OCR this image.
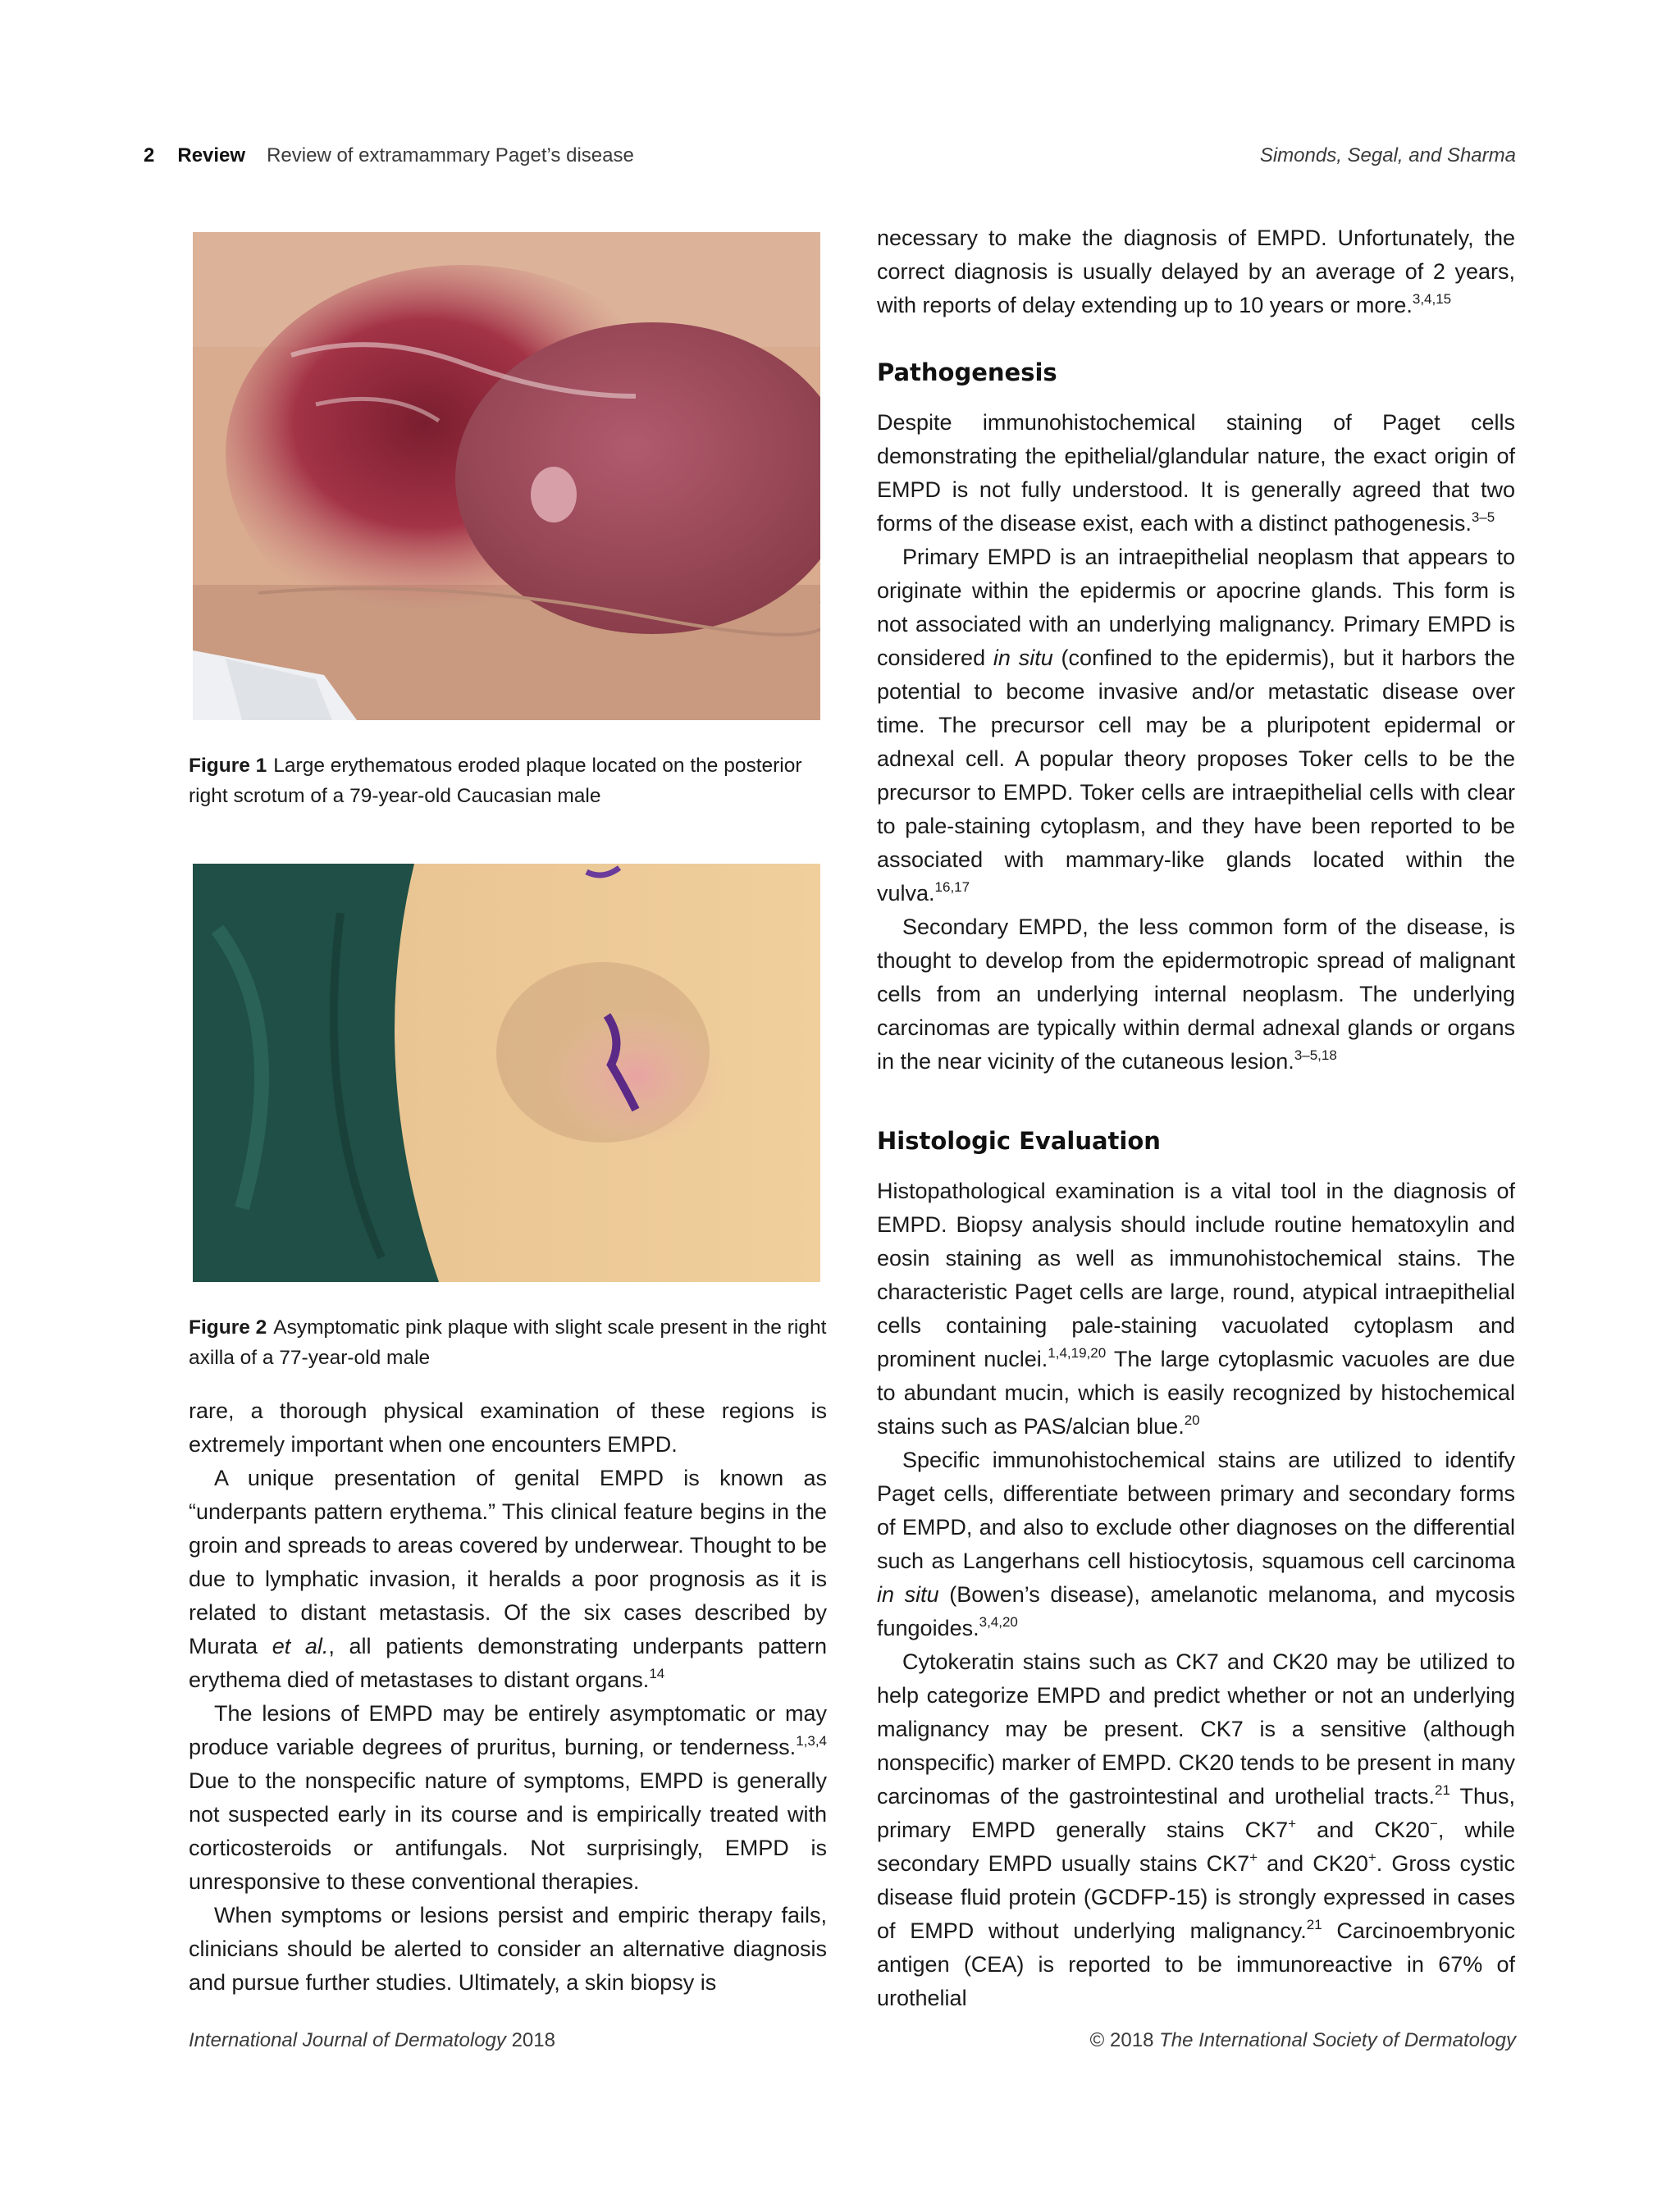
2 Review Review of extramammary Paget’s disease	Simonds, Segal, and Sharma
Figure 1 Large erythematous eroded plaque located on the posterior right scrotum of a 79-year-old Caucasian male
Figure 2 Asymptomatic pink plaque with slight scale present in the right axilla of a 77-year-old male

rare, a thorough physical examination of these regions is extremely important when one encounters EMPD.

A unique presentation of genital EMPD is known as “underpants pattern erythema.” This clinical feature begins in the groin and spreads to areas covered by underwear. Thought to be due to lymphatic invasion, it heralds a poor prognosis as it is related to distant metastasis. Of the six cases described by Murata et al., all patients demonstrating underpants pattern erythema died of metastases to distant organs.$^{14}$

The lesions of EMPD may be entirely asymptomatic or may produce variable degrees of pruritus, burning, or tenderness.$^{1,3,4}$ Due to the nonspecific nature of symptoms, EMPD is generally not suspected early in its course and is empirically treated with corticosteroids or antifungals. Not surprisingly, EMPD is unresponsive to these conventional therapies.

When symptoms or lesions persist and empiric therapy fails, clinicians should be alerted to consider an alternative diagnosis and pursue further studies. Ultimately, a skin biopsy is

necessary to make the diagnosis of EMPD. Unfortunately, the correct diagnosis is usually delayed by an average of 2 years, with reports of delay extending up to 10 years or more.$^{3,4,15}$

Pathogenesis

Despite immunohistochemical staining of Paget cells demonstrating the epithelial/glandular nature, the exact origin of EMPD is not fully understood. It is generally agreed that two forms of the disease exist, each with a distinct pathogenesis.$^{3-5}$

Primary EMPD is an intraepithelial neoplasm that appears to originate within the epidermis or apocrine glands. This form is not associated with an underlying malignancy. Primary EMPD is considered in situ (confined to the epidermis), but it harbors the potential to become invasive and/or metastatic disease over time. The precursor cell may be a pluripotent epidermal or adnexal cell. A popular theory proposes Toker cells to be the precursor to EMPD. Toker cells are intraepithelial cells with clear to pale-staining cytoplasm, and they have been reported to be associated with mammary-like glands located within the vulva.$^{16,17}$

Secondary EMPD, the less common form of the disease, is thought to develop from the epidermotropic spread of malignant cells from an underlying internal neoplasm. The underlying carcinomas are typically within dermal adnexal glands or organs in the near vicinity of the cutaneous lesion.$^{3-5,18}$

Histologic Evaluation

Histopathological examination is a vital tool in the diagnosis of EMPD. Biopsy analysis should include routine hematoxylin and eosin staining as well as immunohistochemical stains. The characteristic Paget cells are large, round, atypical intraepithelial cells containing pale-staining vacuolated cytoplasm and prominent nuclei.$^{1,4,19,20}$ The large cytoplasmic vacuoles are due to abundant mucin, which is easily recognized by histochemical stains such as PAS/alcian blue.$^{20}$

Specific immunohistochemical stains are utilized to identify Paget cells, differentiate between primary and secondary forms of EMPD, and also to exclude other diagnoses on the differential such as Langerhans cell histiocytosis, squamous cell carcinoma in situ (Bowen’s disease), amelanotic melanoma, and mycosis fungoides.$^{3,4,20}$

Cytokeratin stains such as CK7 and CK20 may be utilized to help categorize EMPD and predict whether or not an underlying malignancy may be present. CK7 is a sensitive (although nonspecific) marker of EMPD. CK20 tends to be present in many carcinomas of the gastrointestinal and urothelial tracts.$^{21}$ Thus, primary EMPD generally stains CK7+ and CK20−, while secondary EMPD usually stains CK7+ and CK20+. Gross cystic disease fluid protein (GCDFP-15) is strongly expressed in cases of EMPD without underlying malignancy.$^{21}$ Carcinoembryonic antigen (CEA) is reported to be immunoreactive in 67% of urothelial

International Journal of Dermatology 2018	© 2018 The International Society of Dermatology
